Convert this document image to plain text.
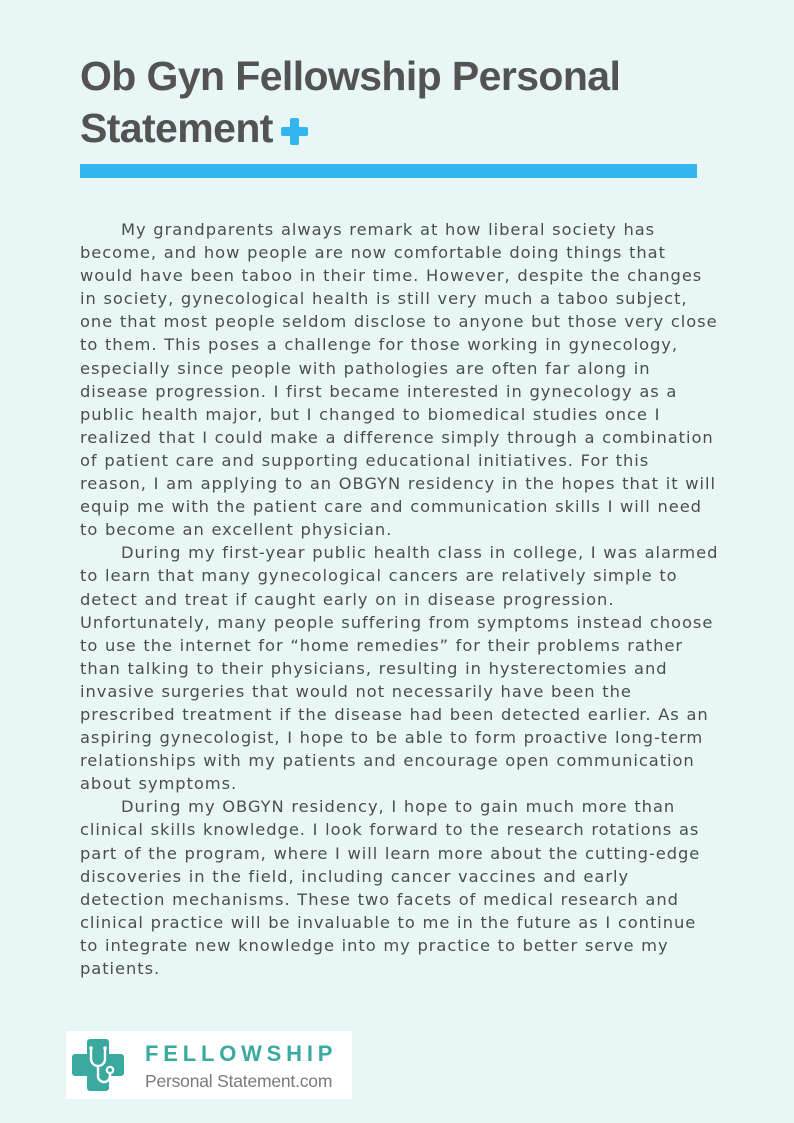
Ob Gyn Fellowship Personal Statement

My grandparents always remark at how liberal society has become, and how people are now comfortable doing things that would have been taboo in their time. However, despite the changes in society, gynecological health is still very much a taboo subject, one that most people seldom disclose to anyone but those very close to them. This poses a challenge for those working in gynecology, especially since people with pathologies are often far along in disease progression. I first became interested in gynecology as a public health major, but I changed to biomedical studies once I realized that I could make a difference simply through a combination of patient care and supporting educational initiatives. For this reason, I am applying to an OBGYN residency in the hopes that it will equip me with the patient care and communication skills I will need to become an excellent physician.

During my first-year public health class in college, I was alarmed to learn that many gynecological cancers are relatively simple to detect and treat if caught early on in disease progression. Unfortunately, many people suffering from symptoms instead choose to use the internet for “home remedies” for their problems rather than talking to their physicians, resulting in hysterectomies and invasive surgeries that would not necessarily have been the prescribed treatment if the disease had been detected earlier. As an aspiring gynecologist, I hope to be able to form proactive long-term relationships with my patients and encourage open communication about symptoms.

During my OBGYN residency, I hope to gain much more than clinical skills knowledge. I look forward to the research rotations as part of the program, where I will learn more about the cutting-edge discoveries in the field, including cancer vaccines and early detection mechanisms. These two facets of medical research and clinical practice will be invaluable to me in the future as I continue to integrate new knowledge into my practice to better serve my patients.

FELLOWSHIP
Personal Statement.com
